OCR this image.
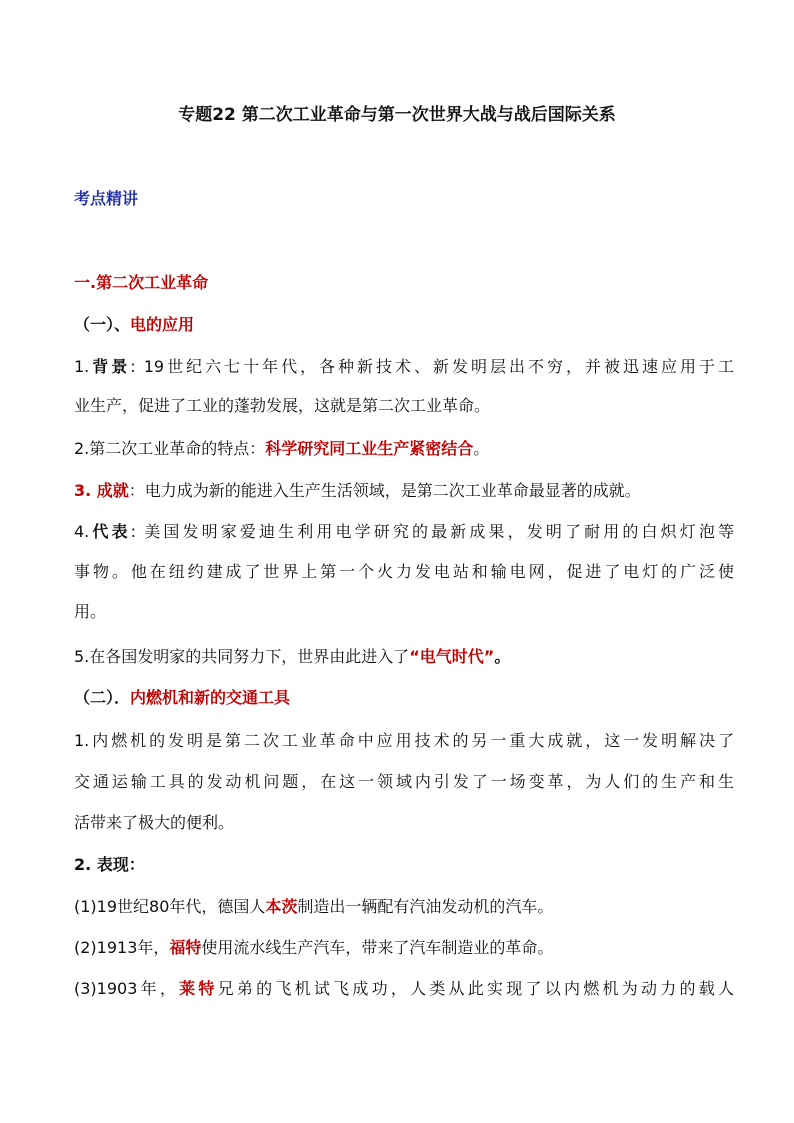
专题22 第二次工业革命与第一次世界大战与战后国际关系
考点精讲
一.第二次工业革命
（一）、电的应用
1.背景: 19世纪六七十年代，各种新技术、新发明层出不穷，并被迅速应用于工
业生产，促进了工业的蓬勃发展，这就是第二次工业革命。
2.第二次工业革命的特点：科学研究同工业生产紧密结合。
3. 成就：电力成为新的能进入生产生活领域，是第二次工业革命最显著的成就。
4.代表: 美国发明家爱迪生利用电学研究的最新成果，发明了耐用的白炽灯泡等
事物。他在纽约建成了世界上第一个火力发电站和输电网，促进了电灯的广泛使
用。
5.在各国发明家的共同努力下，世界由此进入了“电气时代”。
（二）．内燃机和新的交通工具
1.内燃机的发明是第二次工业革命中应用技术的另一重大成就，这一发明解决了
交通运输工具的发动机问题，在这一领域内引发了一场变革，为人们的生产和生
活带来了极大的便利。
2. 表现：
(1)19世纪80年代，德国人本茨制造出一辆配有汽油发动机的汽车。
(2)1913年，福特使用流水线生产汽车，带来了汽车制造业的革命。
(3)1903年，莱特兄弟的飞机试飞成功，人类从此实现了以内燃机为动力的载人
